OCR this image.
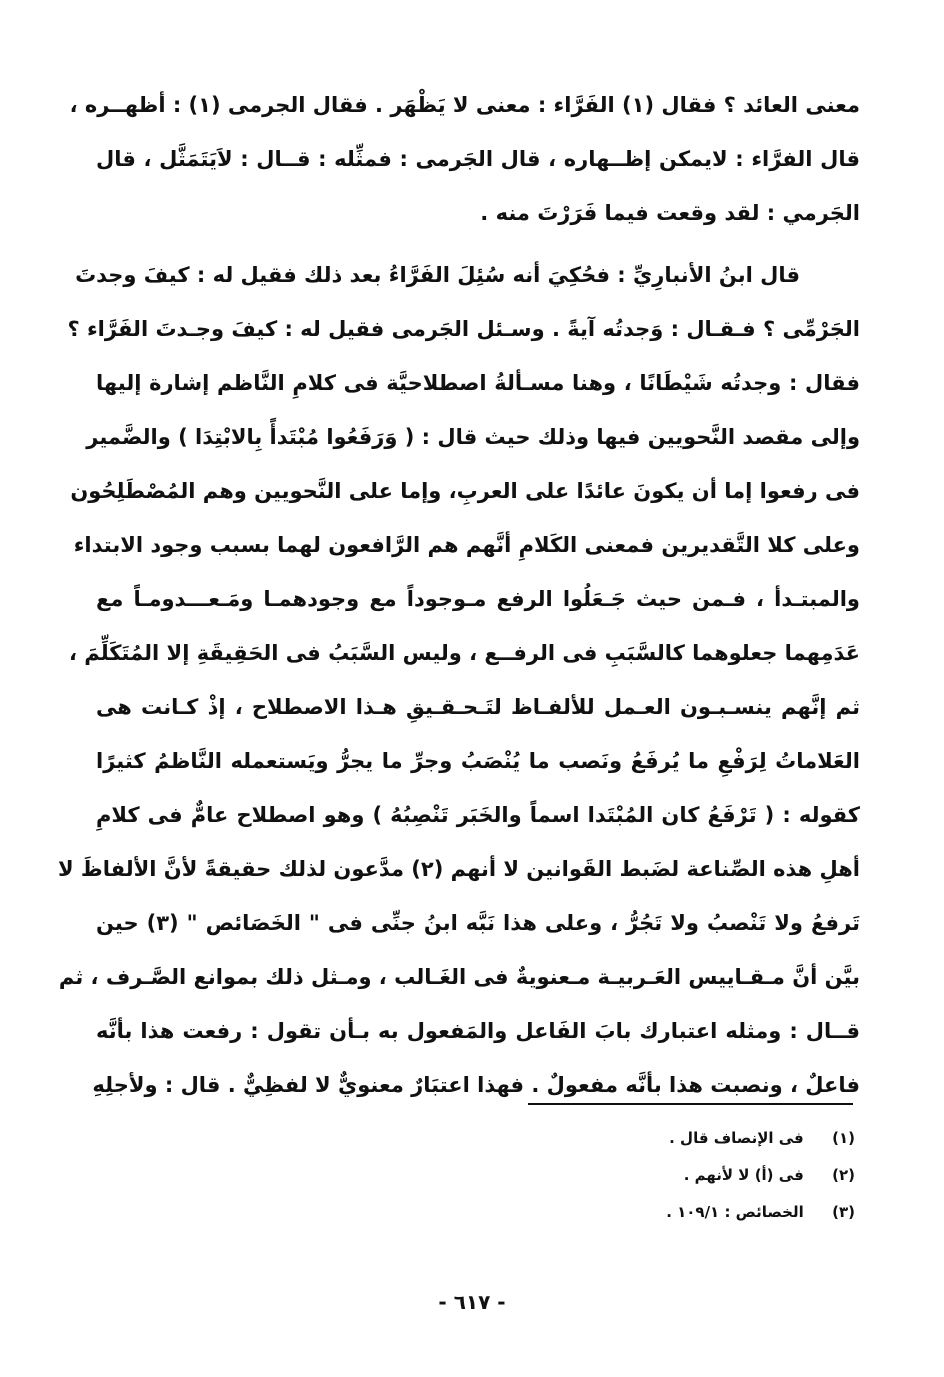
معنى العائد ؟ فقال (١) الفَرَّاء : معنى لا يَظْهَر . فقال الجرمى (١) : أظهــره ،
قال الفرَّاء : لايمكن إظــهاره ، قال الجَرمى : فمثِّله : قــال : لاَيَتَمَثَّل ، قال
الجَرمي : لقد وقعت فيما فَرَرْتَ منه .
قال ابنُ الأنبارِيِّ : فحُكِيَ أنه سُئِلَ الفَرَّاءُ بعد ذلك فقيل له : كيفَ وجدتَ
الجَرْمِّى ؟ فـقـال : وَجدتُه آيةً . وسـئل الجَرمى فقيل له : كيفَ وجـدتَ الفَرَّاء ؟
فقال : وجدتُه شَيْطَانًا ، وهنا مسـألةُ اصطلاحيَّة فى كلامِ النَّاظم إشارة إليها
وإلى مقصد النَّحويين فيها وذلك حيث قال : ( وَرَفَعُوا مُبْتَدأً بِالابْتِدَا ) والضَّمير
فى رفعوا إما أن يكونَ عائدًا على العربِ، وإما على النَّحويين وهم المُصْطَلِحُون
وعلى كلا التَّقديرين فمعنى الكَلامِ أنَّهم هم الرَّافعون لهما بسبب وجود الابتداء
والمبتـدأ ، فـمن حيث جَـعَلُوا الرفع مـوجوداً مع وجودهمـا ومَـعـــدومـاً مع
عَدَمِهما جعلوهما كالسَّبَبِ فى الرفــع ، وليس السَّبَبُ فى الحَقِيقَةِ إلا المُتَكَلِّمَ ،
ثم إنَّهم ينسـبـون العـمل للألفـاظ لتَـحـقـيقِ هـذا الاصطلاح ، إذْ كـانت هى
العَلاماتُ لِرَفْعِ ما يُرفَعُ ونَصب ما يُنْصَبُ وجرِّ ما يجرُّ ويَستعمله النَّاظمُ كثيرًا
كقوله : ( تَرْفَعُ كان المُبْتَدا اسماً والخَبَر تَنْصِبُهُ ) وهو اصطلاح عامٌّ فى كلامِ
أهلِ هذه الصِّناعة لضَبط القَوانين لا أنهم (٢) مدَّعون لذلك حقيقةً لأنَّ الألفاظَ لا
تَرفعُ ولا تَنْصبُ ولا تَجُرُّ ، وعلى هذا نَبَّه ابنُ جنِّى فى " الخَصَائص " (٣) حين
بيَّن أنَّ مـقـاييس العَـربيـة مـعنويةٌ فى الغَـالب ، ومـثل ذلك بموانع الصَّـرف ، ثم
قــال : ومثله اعتبارك بابَ الفَاعل والمَفعول به بـأن تقول : رفعت هذا بأنَّه
فاعلٌ ، ونصبت هذا بأنَّه مفعولٌ . فهذا اعتبَارٌ معنويٌّ لا لفظِيٌّ . قال : ولأجلِهِ
(١) فى الإنصاف قال .
(٢) فى (أ) لا لأنهم .
(٣) الخصائص : ١٠٩/١ .
- ٦١٧ -
